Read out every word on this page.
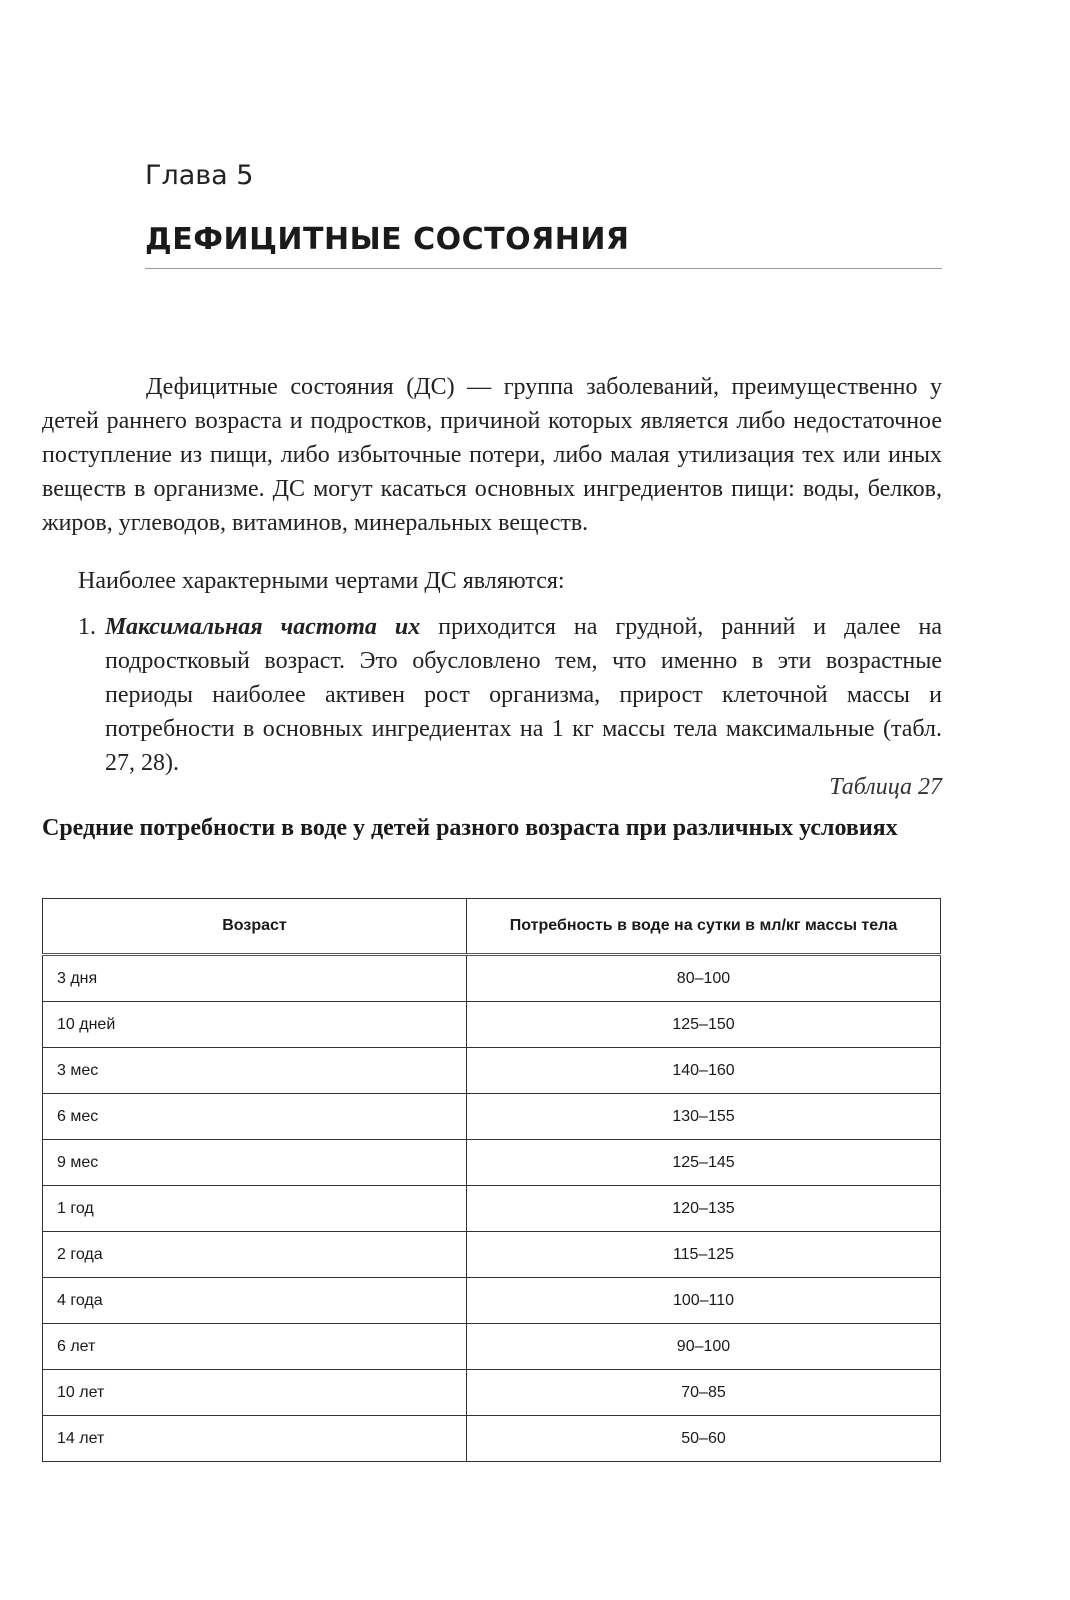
Глава 5
ДЕФИЦИТНЫЕ СОСТОЯНИЯ

Дефицитные состояния (ДС) — группа заболеваний, преимущественно у детей раннего возраста и подростков, причиной которых является либо недостаточное поступление из пищи, либо избыточные потери, либо малая утилизация тех или иных веществ в организме. ДС могут касаться основных ингредиентов пищи: воды, белков, жиров, углеводов, витаминов, минеральных веществ.

Наиболее характерными чертами ДС являются:

1. Максимальная частота их приходится на грудной, ранний и далее на подростковый возраст. Это обусловлено тем, что именно в эти возрастные периоды наиболее активен рост организма, прирост клеточной массы и потребности в основных ингредиентах на 1 кг массы тела максимальные (табл. 27, 28).
Таблица 27
Средние потребности в воде у детей разного возраста при различных условиях
Возраст	Потребность в воде на сутки в мл/кг массы тела
3 дня	80–100
10 дней	125–150
3 мес	140–160
6 мес	130–155
9 мес	125–145
1 год	120–135
2 года	115–125
4 года	100–110
6 лет	90–100
10 лет	70–85
14 лет	50–60
